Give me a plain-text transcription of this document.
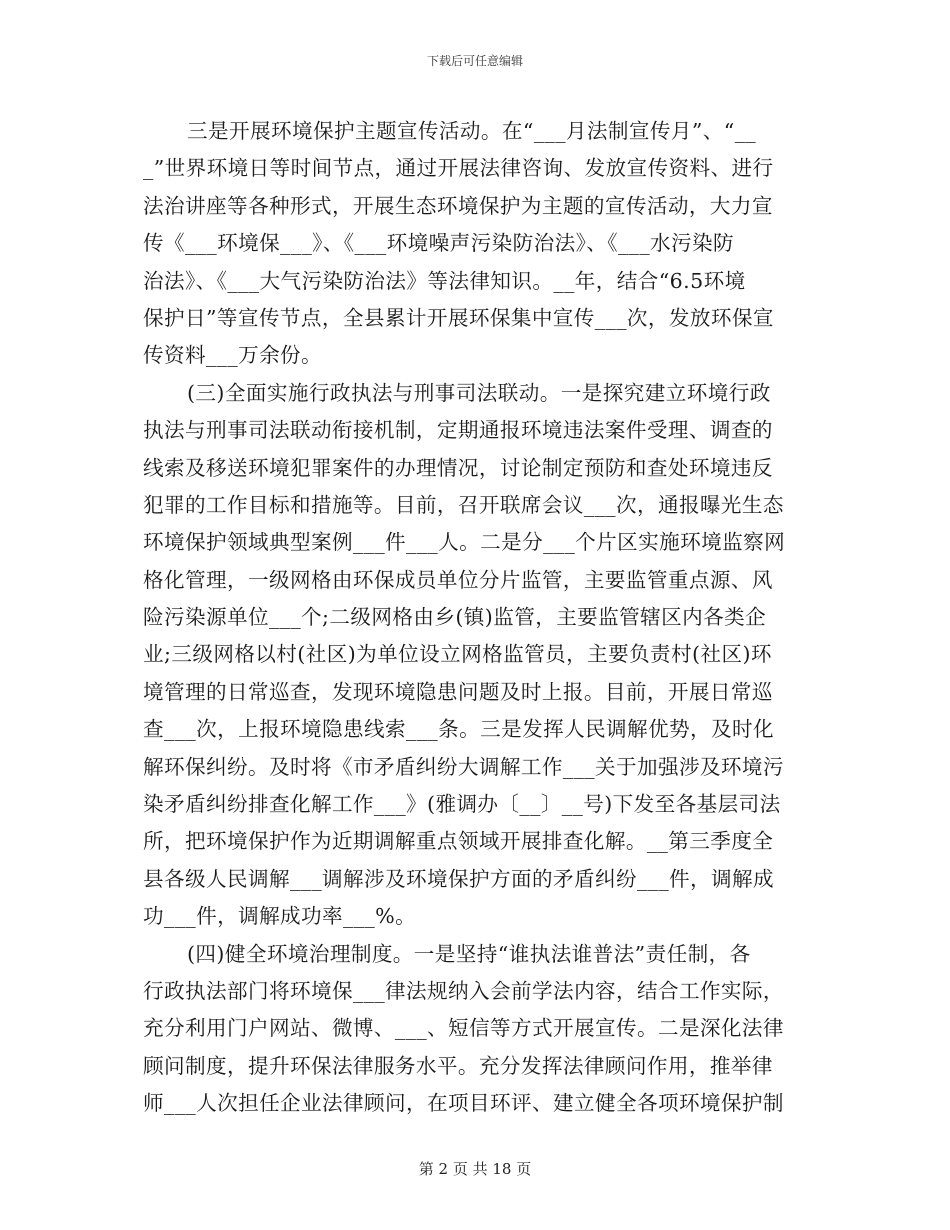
下载后可任意编辑
三是开展环境保护主题宣传活动。在“___月法制宣传月”、“__
_”世界环境日等时间节点，通过开展法律咨询、发放宣传资料、进行
法治讲座等各种形式，开展生态环境保护为主题的宣传活动，大力宣
传《___环境保___》、《___环境噪声污染防治法》、《___水污染防
治法》、《___大气污染防治法》等法律知识。__年，结合“6.5环境
保护日”等宣传节点，全县累计开展环保集中宣传___次，发放环保宣
传资料___万余份。
(三)全面实施行政执法与刑事司法联动。一是探究建立环境行政
执法与刑事司法联动衔接机制，定期通报环境违法案件受理、调查的
线索及移送环境犯罪案件的办理情况，讨论制定预防和查处环境违反
犯罪的工作目标和措施等。目前，召开联席会议___次，通报曝光生态
环境保护领域典型案例___件___人。二是分___个片区实施环境监察网
格化管理，一级网格由环保成员单位分片监管，主要监管重点源、风
险污染源单位___个;二级网格由乡(镇)监管，主要监管辖区内各类企
业;三级网格以村(社区)为单位设立网格监管员，主要负责村(社区)环
境管理的日常巡查，发现环境隐患问题及时上报。目前，开展日常巡
查___次，上报环境隐患线索___条。三是发挥人民调解优势，及时化
解环保纠纷。及时将《市矛盾纠纷大调解工作___关于加强涉及环境污
染矛盾纠纷排查化解工作___》(雅调办〔__〕__号)下发至各基层司法
所，把环境保护作为近期调解重点领域开展排查化解。__第三季度全
县各级人民调解___调解涉及环境保护方面的矛盾纠纷___件，调解成
功___件，调解成功率___%。
(四)健全环境治理制度。一是坚持“谁执法谁普法”责任制，各
行政执法部门将环境保___律法规纳入会前学法内容，结合工作实际，
充分利用门户网站、微博、___、短信等方式开展宣传。二是深化法律
顾问制度，提升环保法律服务水平。充分发挥法律顾问作用，推举律
师___人次担任企业法律顾问，在项目环评、建立健全各项环境保护制
第 2 页 共 18 页
